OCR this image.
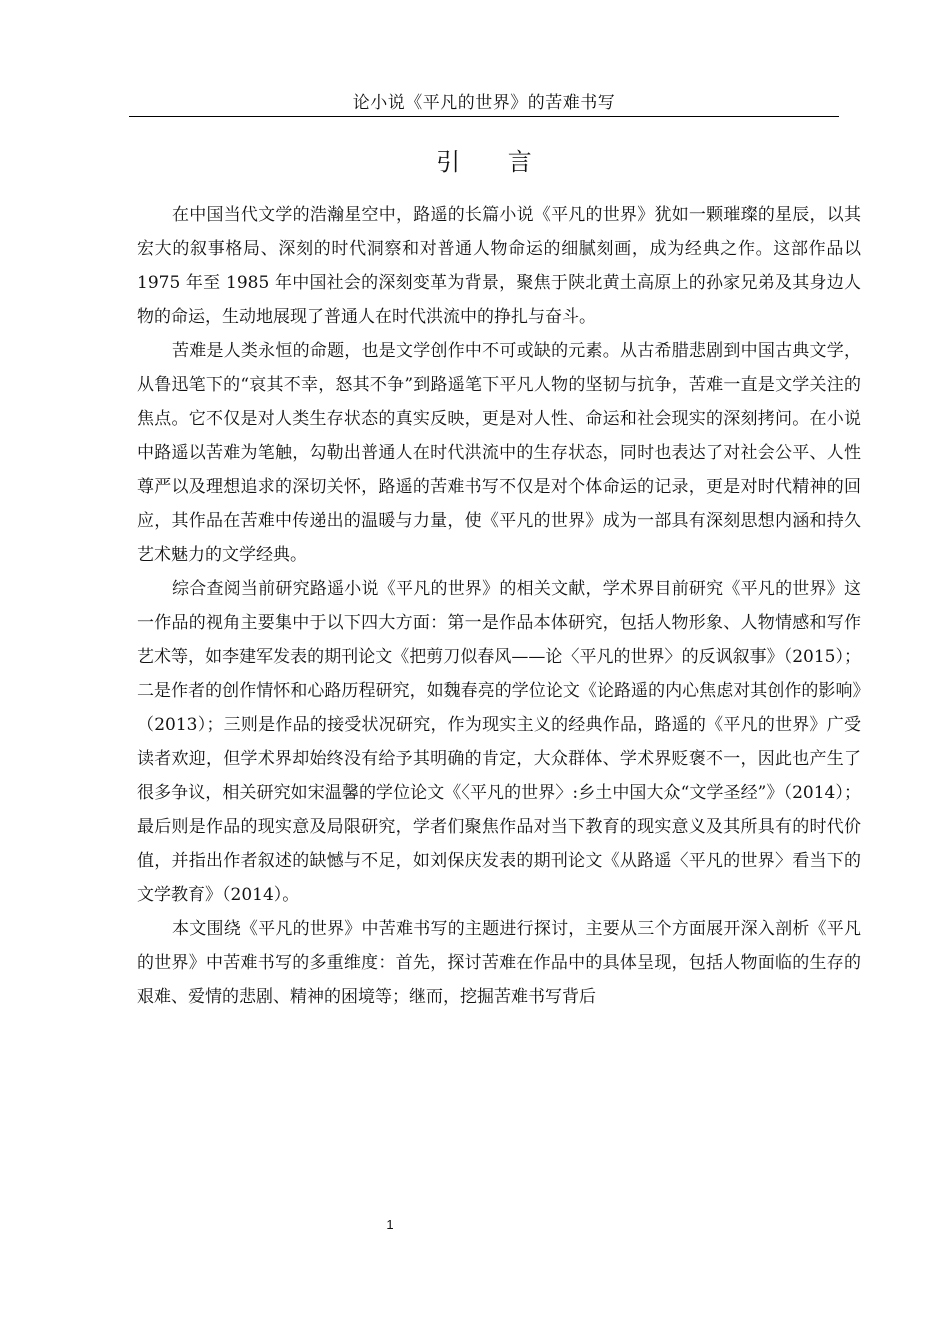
论小说《平凡的世界》的苦难书写
引 言

在中国当代文学的浩瀚星空中，路遥的长篇小说《平凡的世界》犹如一颗璀璨的星辰，以其宏大的叙事格局、深刻的时代洞察和对普通人物命运的细腻刻画，成为经典之作。这部作品以 1975 年至 1985 年中国社会的深刻变革为背景，聚焦于陕北黄土高原上的孙家兄弟及其身边人物的命运，生动地展现了普通人在时代洪流中的挣扎与奋斗。

苦难是人类永恒的命题，也是文学创作中不可或缺的元素。从古希腊悲剧到中国古典文学，从鲁迅笔下的“哀其不幸，怒其不争”到路遥笔下平凡人物的坚韧与抗争，苦难一直是文学关注的焦点。它不仅是对人类生存状态的真实反映，更是对人性、命运和社会现实的深刻拷问。在小说中路遥以苦难为笔触，勾勒出普通人在时代洪流中的生存状态，同时也表达了对社会公平、人性尊严以及理想追求的深切关怀，路遥的苦难书写不仅是对个体命运的记录，更是对时代精神的回应，其作品在苦难中传递出的温暖与力量，使《平凡的世界》成为一部具有深刻思想内涵和持久艺术魅力的文学经典。

综合查阅当前研究路遥小说《平凡的世界》的相关文献，学术界目前研究《平凡的世界》这一作品的视角主要集中于以下四大方面：第一是作品本体研究，包括人物形象、人物情感和写作艺术等，如李建军发表的期刊论文《把剪刀似春风——论〈平凡的世界〉的反讽叙事》（2015）；二是作者的创作情怀和心路历程研究，如魏春亮的学位论文《论路遥的内心焦虑对其创作的影响》（2013）；三则是作品的接受状况研究，作为现实主义的经典作品，路遥的《平凡的世界》广受读者欢迎，但学术界却始终没有给予其明确的肯定，大众群体、学术界贬褒不一，因此也产生了很多争议，相关研究如宋温馨的学位论文《〈平凡的世界〉:乡土中国大众“文学圣经”》（2014）；最后则是作品的现实意及局限研究，学者们聚焦作品对当下教育的现实意义及其所具有的时代价值，并指出作者叙述的缺憾与不足，如刘保庆发表的期刊论文《从路遥〈平凡的世界〉看当下的文学教育》（2014）。

本文围绕《平凡的世界》中苦难书写的主题进行探讨，主要从三个方面展开深入剖析《平凡的世界》中苦难书写的多重维度：首先，探讨苦难在作品中的具体呈现，包括人物面临的生存的艰难、爱情的悲剧、精神的困境等；继而，挖掘苦难书写背后

1
